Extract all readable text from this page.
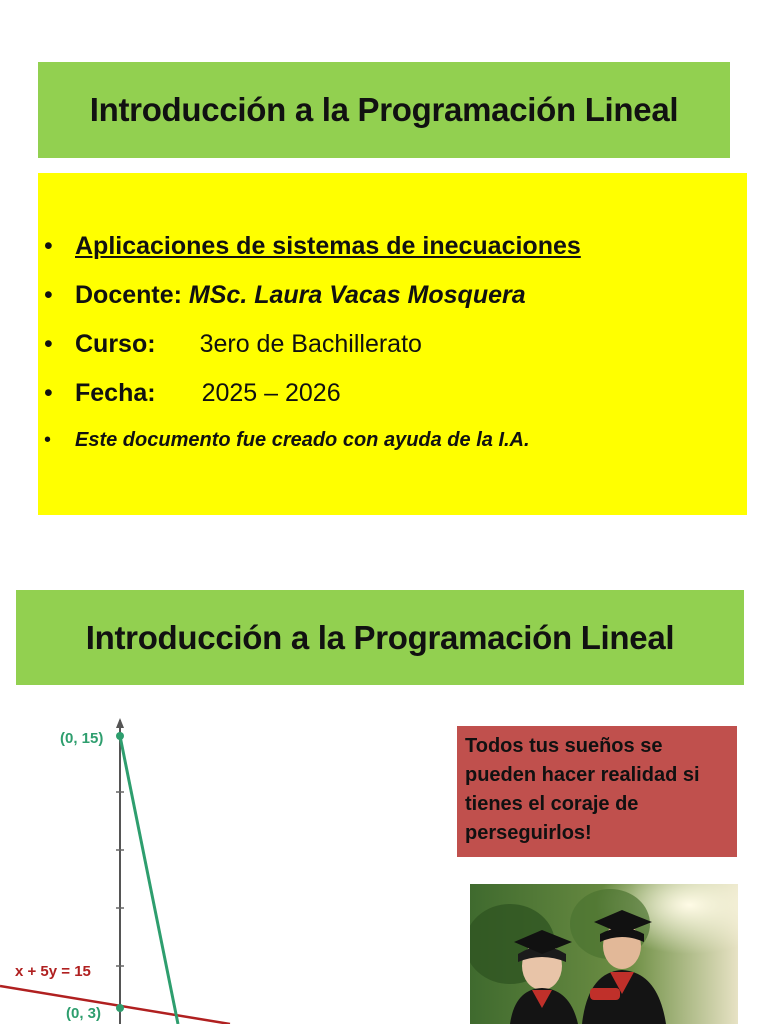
Introducción a la Programación Lineal
• Aplicaciones de sistemas de inecuaciones
• Docente: MSc. Laura Vacas Mosquera
• Curso: 3ero de Bachillerato
• Fecha: 2025 – 2026
• Este documento fue creado con ayuda de la I.A.
Introducción a la Programación Lineal
(0, 15)
x + 5y = 15
(0, 3)
Todos tus sueños se pueden hacer realidad si tienes el coraje de perseguirlos!
